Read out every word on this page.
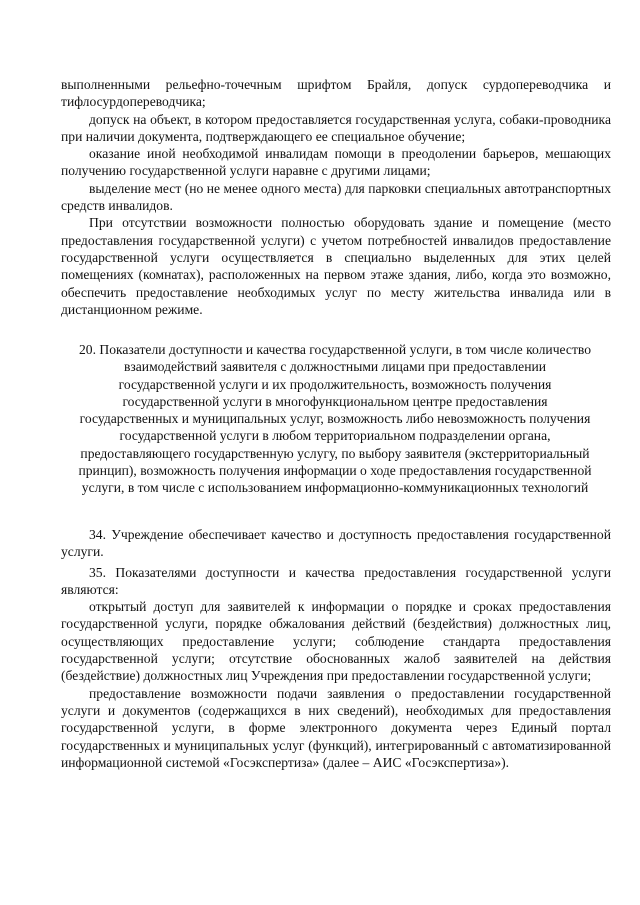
выполненными рельефно-точечным шрифтом Брайля, допуск сурдопереводчика и тифлосурдопереводчика;

допуск на объект, в котором предоставляется государственная услуга, собаки-проводника при наличии документа, подтверждающего ее специальное обучение;

оказание иной необходимой инвалидам помощи в преодолении барьеров, мешающих получению государственной услуги наравне с другими лицами;

выделение мест (но не менее одного места) для парковки специальных автотранспортных средств инвалидов.

При отсутствии возможности полностью оборудовать здание и помещение (место предоставления государственной услуги) с учетом потребностей инвалидов предоставление государственной услуги осуществляется в специально выделенных для этих целей помещениях (комнатах), расположенных на первом этаже здания, либо, когда это возможно, обеспечить предоставление необходимых услуг по месту жительства инвалида или в дистанционном режиме.

20. Показатели доступности и качества государственной услуги, в том числе количество взаимодействий заявителя с должностными лицами при предоставлении государственной услуги и их продолжительность, возможность получения государственной услуги в многофункциональном центре предоставления государственных и муниципальных услуг, возможность либо невозможность получения государственной услуги в любом территориальном подразделении органа, предоставляющего государственную услугу, по выбору заявителя (экстерриториальный принцип), возможность получения информации о ходе предоставления государственной услуги, в том числе с использованием информационно-коммуникационных технологий

34. Учреждение обеспечивает качество и доступность предоставления государственной услуги.

35. Показателями доступности и качества предоставления государственной услуги являются:

открытый доступ для заявителей к информации о порядке и сроках предоставления государственной услуги, порядке обжалования действий (бездействия) должностных лиц, осуществляющих предоставление услуги; соблюдение стандарта предоставления государственной услуги; отсутствие обоснованных жалоб заявителей на действия (бездействие) должностных лиц Учреждения при предоставлении государственной услуги;

предоставление возможности подачи заявления о предоставлении государственной услуги и документов (содержащихся в них сведений), необходимых для предоставления государственной услуги, в форме электронного документа через Единый портал государственных и муниципальных услуг (функций), интегрированный с автоматизированной информационной системой «Госэкспертиза» (далее – АИС «Госэкспертиза»).
